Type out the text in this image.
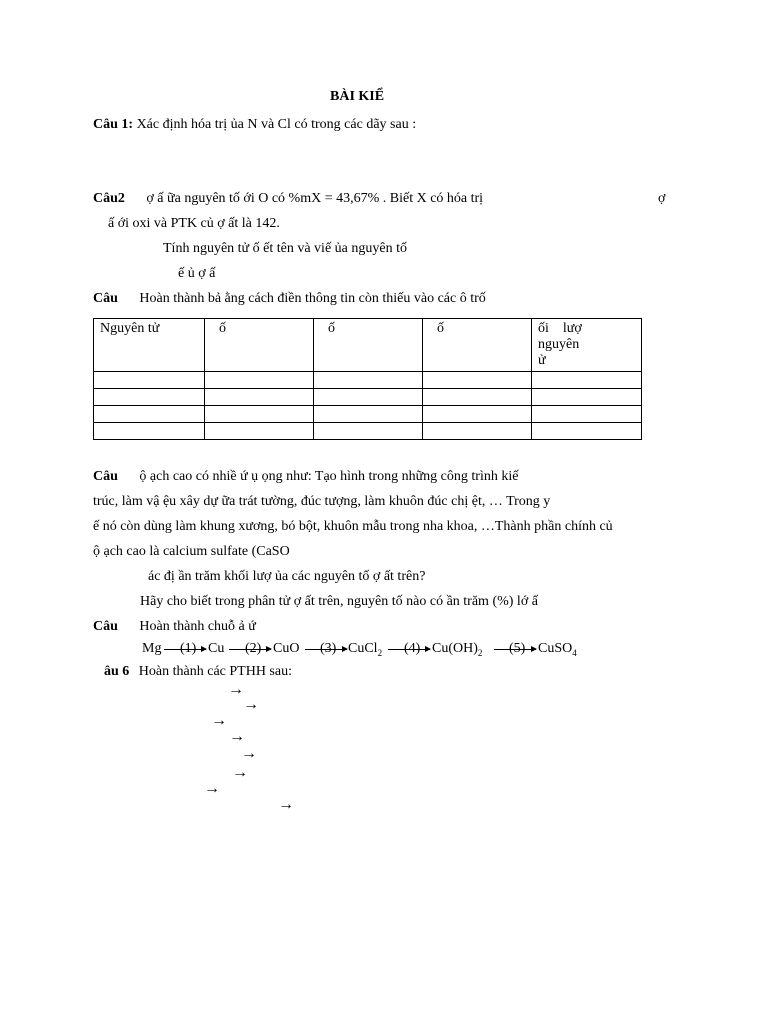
BÀI KIỂ
Câu 1: Xác định hóa trị ủa N và Cl có trong các dãy sau :
Câu2 ợ ấ ữa nguyên tố ới O có %mX = 43,67% . Biết X có hóa trị	ợ
ấ ới oxi và PTK củ ợ ất là 142.
Tính nguyên tử ố ết tên và viế ủa nguyên tố
ế ủ ợ ấ
Câu Hoàn thành bả ằng cách điền thông tin còn thiếu vào các ô trố
Nguyên tử	ố	ố	ố	ối    lượ
nguyên
ử

Câu ộ ạch cao có nhiề ứ ụ ọng như: Tạo hình trong những công trình kiế
trúc, làm vậ ệu xây dự ữa trát tường, đúc tượng, làm khuôn đúc chị ệt, … Trong y
ế nó còn dùng làm khung xương, bó bột, khuôn mẫu trong nha khoa, …Thành phần chính củ
ộ ạch cao là calcium sulfate (CaSO
ác đị ần trăm khối lượ ủa các nguyên tố ợ ất trên?
Hãy cho biết trong phân tử ợ ất trên, nguyên tố nào có ần trăm (%) lớ ấ
Câu Hoàn thành chuỗ ả ứ
Mg (1) Cu (2) CuO (3) CuCl$_2$ (4) $Cu(OH)_2$ (5) CuSO$_4$
âu 6 Hoàn thành các PTHH sau:
→
→
→
→
→
→
→
→
